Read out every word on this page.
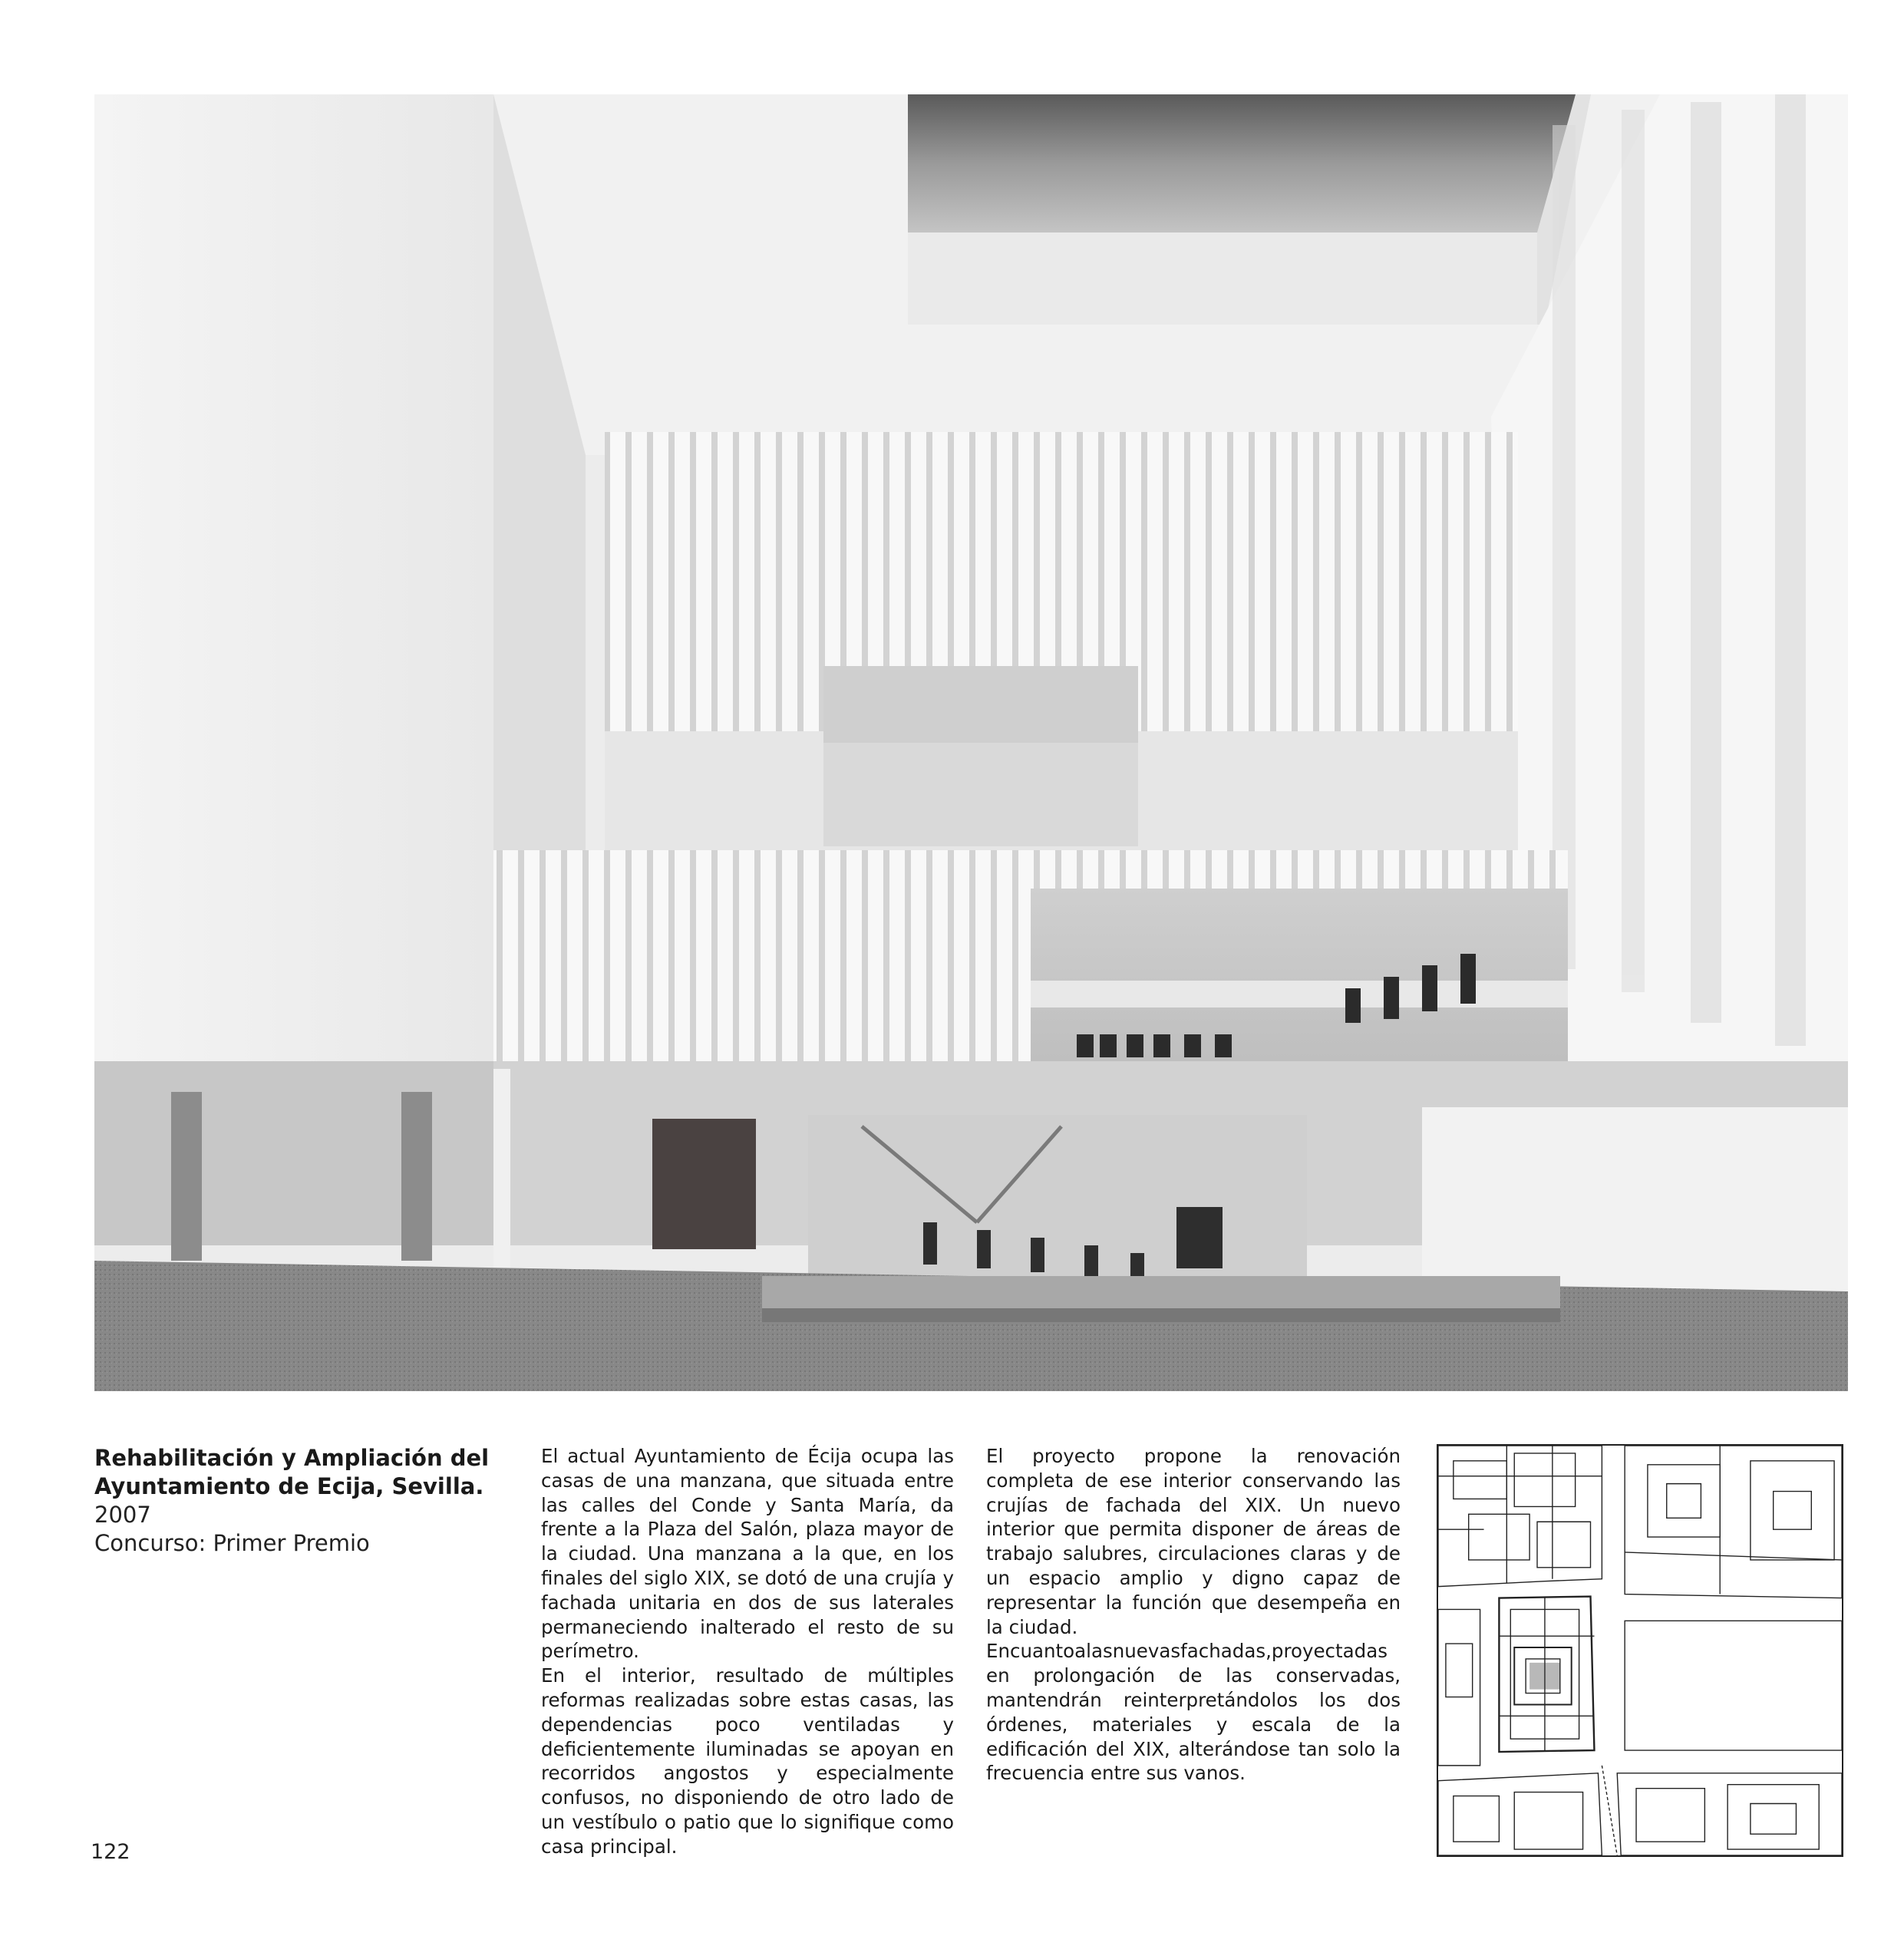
Rehabilitación y Ampliación del
Ayuntamiento de Ecija, Sevilla.
2007
Concurso: Primer Premio

El actual Ayuntamiento de Écija ocupa las casas de una manzana, que situada entre las calles del Conde y Santa María, da frente a la Plaza del Salón, plaza mayor de la ciudad. Una manzana a la que, en los finales del siglo XIX, se dotó de una crujía y fachada unitaria en dos de sus laterales permaneciendo inalterado el resto de su perímetro.

En el interior, resultado de múltiples reformas realizadas sobre estas casas, las dependencias poco ventiladas y deficientemente iluminadas se apoyan en recorridos angostos y especialmente confusos, no disponiendo de otro lado de un vestíbulo o patio que lo signifique como casa principal.

El proyecto propone la renovación completa de ese interior conservando las crujías de fachada del XIX. Un nuevo interior que permita disponer de áreas de trabajo salubres, circulaciones claras y de un espacio amplio y digno capaz de representar la función que desempeña en la ciudad.

Encuantoalasnuevasfachadas,proyectadas en prolongación de las conservadas, mantendrán reinterpretándolos los dos órdenes, materiales y escala de la edificación del XIX, alterándose tan solo la frecuencia entre sus vanos.

122
